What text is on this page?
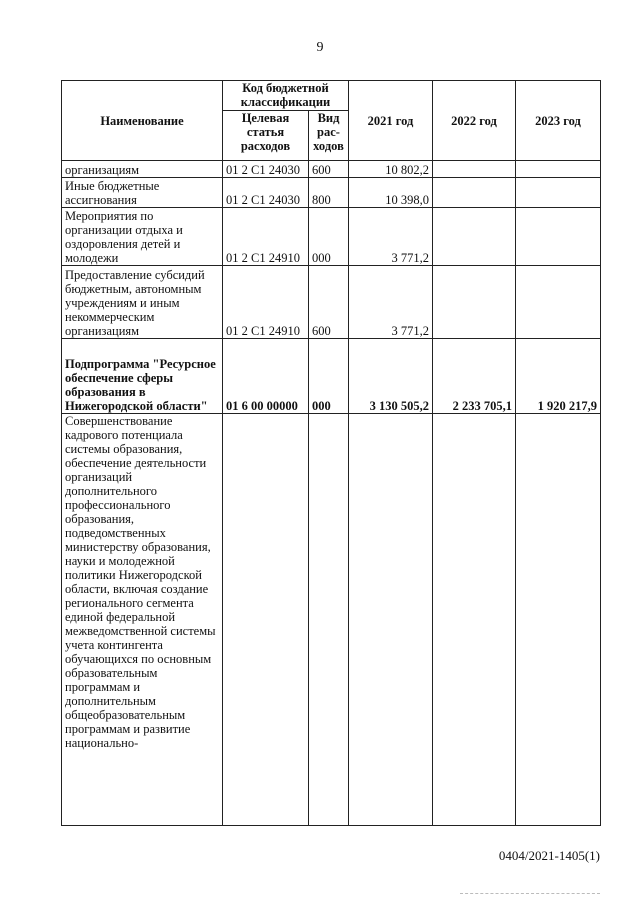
9
Наименование	Код бюджетной классификации		2021 год	2022 год	2023 год
	Целевая статья расходов	Вид рас-ходов			
организациям	01 2 С1 24030	600	10 802,2		
Иные бюджетные ассигнования	01 2 С1 24030	800	10 398,0		
Мероприятия по организации отдыха и оздоровления детей и молодежи	01 2 С1 24910	000	3 771,2		
Предоставление субсидий бюджетным, автономным учреждениям и иным некоммерческим организациям	01 2 С1 24910	600	3 771,2		
Подпрограмма "Ресурсное обеспечение сферы образования в Нижегородской области"	01 6 00 00000	000	3 130 505,2	2 233 705,1	1 920 217,9
Совершенствование кадрового потенциала системы образования, обеспечение деятельности организаций дополнительного профессионального образования, подведомственных министерству образования, науки и молодежной политики Нижегородской области, включая создание регионального сегмента единой федеральной межведомственной системы учета контингента обучающихся по основным образовательным программам и дополнительным общеобразовательным программам и развитие национально-					
0404/2021-1405(1)
